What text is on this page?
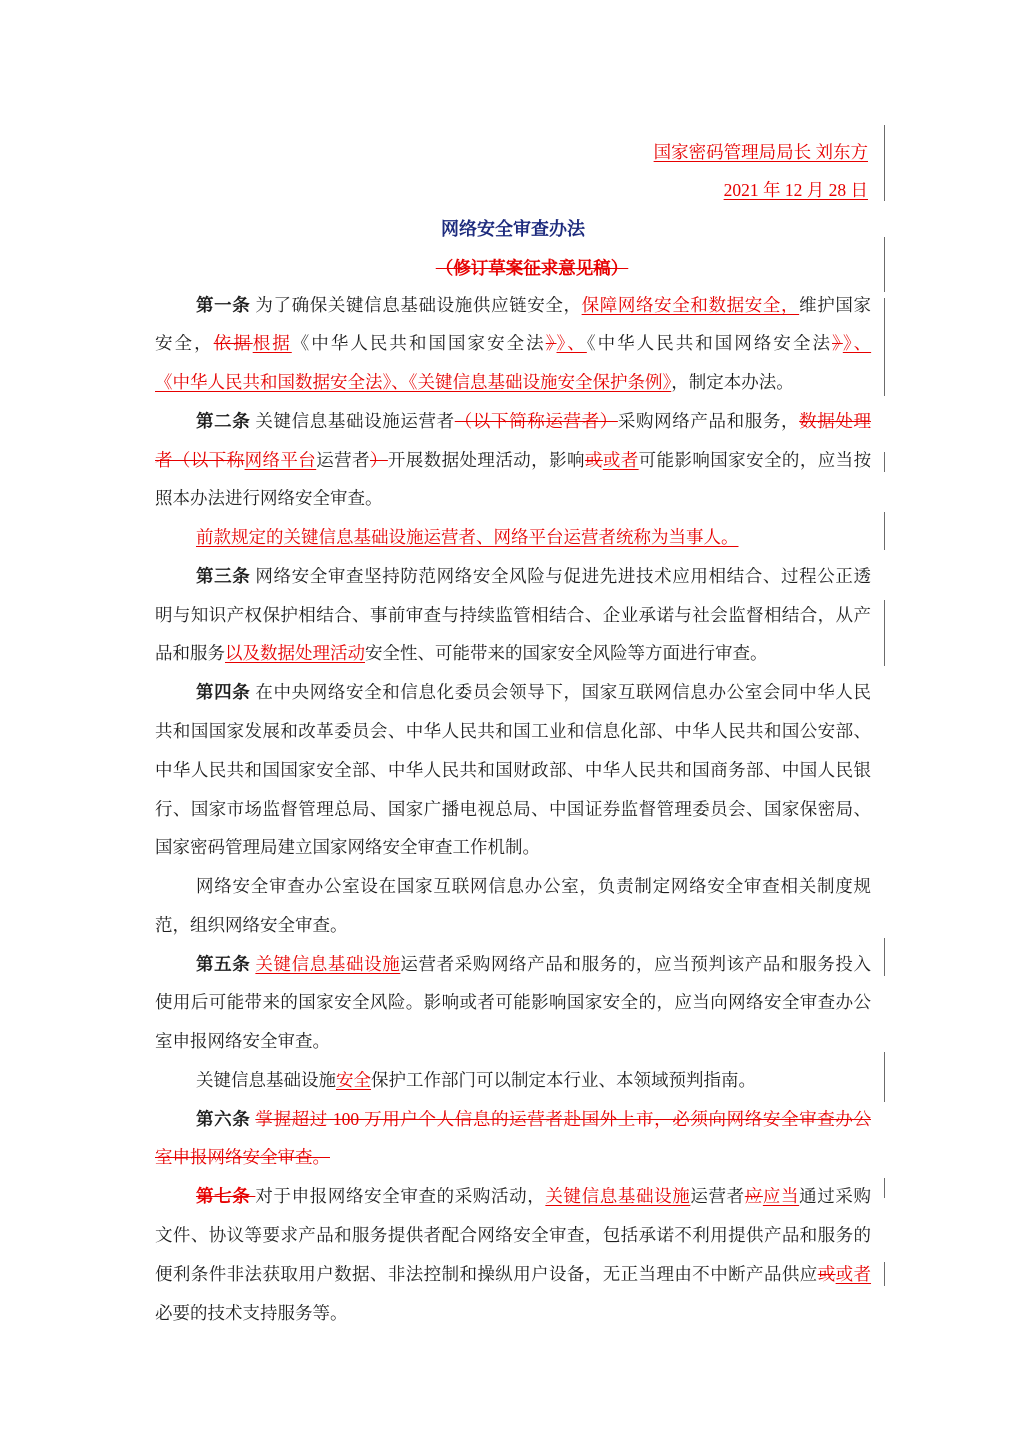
国家密码管理局局长 刘东方
2021 年 12 月 28 日
网络安全审查办法
（修订草案征求意见稿）
第一条 为了确保关键信息基础设施供应链安全，保障网络安全和数据安全，维护国家
安全，依据根据《中华人民共和国国家安全法》》、《中华人民共和国网络安全法》》、
《中华人民共和国数据安全法》、《关键信息基础设施安全保护条例》，制定本办法。
第二条 关键信息基础设施运营者（以下简称运营者）采购网络产品和服务，数据处理
者（以下称网络平台运营者）开展数据处理活动，影响或或者可能影响国家安全的，应当按
照本办法进行网络安全审查。
前款规定的关键信息基础设施运营者、网络平台运营者统称为当事人。
第三条 网络安全审查坚持防范网络安全风险与促进先进技术应用相结合、过程公正透
明与知识产权保护相结合、事前审查与持续监管相结合、企业承诺与社会监督相结合，从产
品和服务以及数据处理活动安全性、可能带来的国家安全风险等方面进行审查。
第四条 在中央网络安全和信息化委员会领导下，国家互联网信息办公室会同中华人民
共和国国家发展和改革委员会、中华人民共和国工业和信息化部、中华人民共和国公安部、
中华人民共和国国家安全部、中华人民共和国财政部、中华人民共和国商务部、中国人民银
行、国家市场监督管理总局、国家广播电视总局、中国证券监督管理委员会、国家保密局、
国家密码管理局建立国家网络安全审查工作机制。
网络安全审查办公室设在国家互联网信息办公室，负责制定网络安全审查相关制度规
范，组织网络安全审查。
第五条 关键信息基础设施运营者采购网络产品和服务的，应当预判该产品和服务投入
使用后可能带来的国家安全风险。影响或者可能影响国家安全的，应当向网络安全审查办公
室申报网络安全审查。
关键信息基础设施安全保护工作部门可以制定本行业、本领域预判指南。
第六条 掌握超过 100 万用户个人信息的运营者赴国外上市，必须向网络安全审查办公
室申报网络安全审查。
第七条 对于申报网络安全审查的采购活动，关键信息基础设施运营者应应当通过采购
文件、协议等要求产品和服务提供者配合网络安全审查，包括承诺不利用提供产品和服务的
便利条件非法获取用户数据、非法控制和操纵用户设备，无正当理由不中断产品供应或或者
必要的技术支持服务等。
